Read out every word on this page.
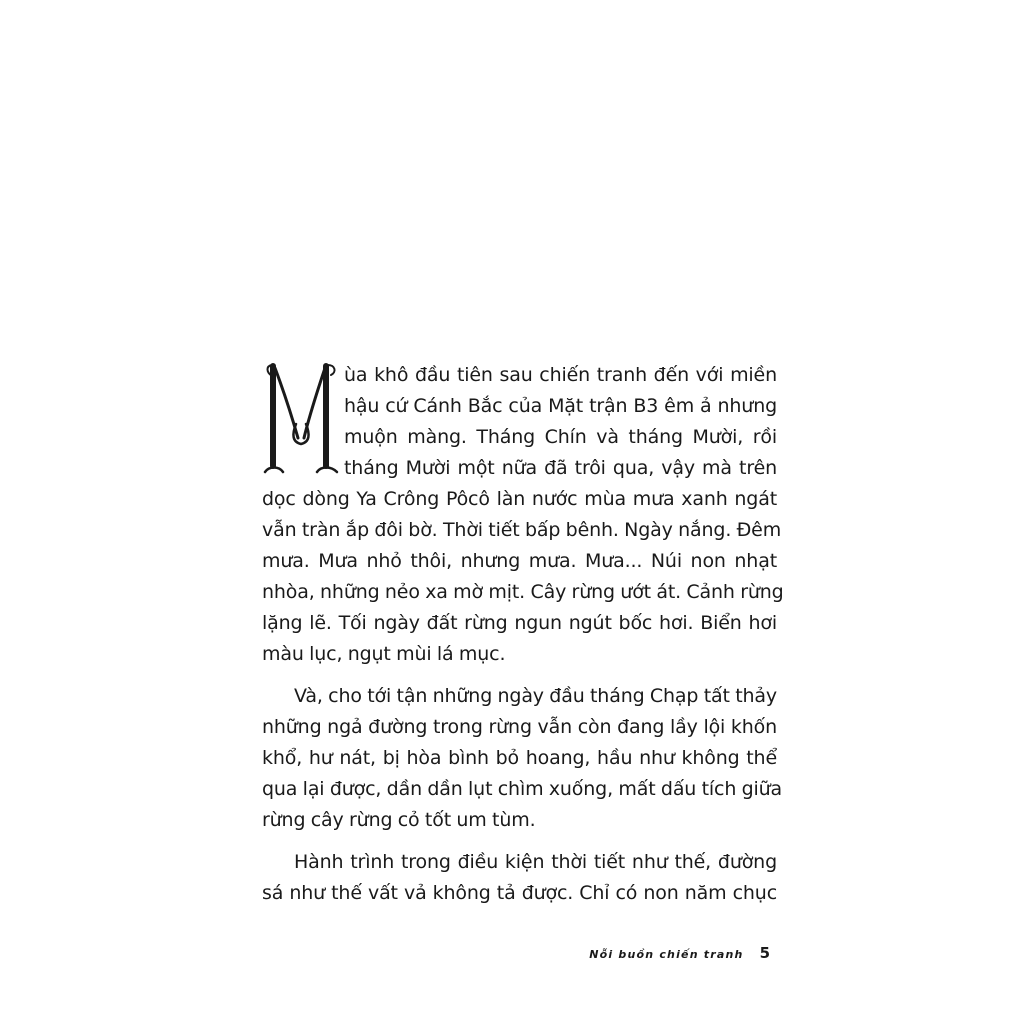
ùa khô đầu tiên sau chiến tranh đến với miền
hậu cứ Cánh Bắc của Mặt trận B3 êm ả nhưng
muộn màng. Tháng Chín và tháng Mười, rồi
tháng Mười một nữa đã trôi qua, vậy mà trên
dọc dòng Ya Crông Pôcô làn nước mùa mưa xanh ngát
vẫn tràn ắp đôi bờ. Thời tiết bấp bênh. Ngày nắng. Đêm
mưa. Mưa nhỏ thôi, nhưng mưa. Mưa... Núi non nhạt
nhòa, những nẻo xa mờ mịt. Cây rừng ướt át. Cảnh rừng
lặng lẽ. Tối ngày đất rừng ngun ngút bốc hơi. Biển hơi
màu lục, ngụt mùi lá mục.
Và, cho tới tận những ngày đầu tháng Chạp tất thảy
những ngả đường trong rừng vẫn còn đang lầy lội khốn
khổ, hư nát, bị hòa bình bỏ hoang, hầu như không thể
qua lại được, dần dần lụt chìm xuống, mất dấu tích giữa
rừng cây rừng cỏ tốt um tùm.
Hành trình trong điều kiện thời tiết như thế, đường
sá như thế vất vả không tả được. Chỉ có non năm chục
Nỗi buồn chiến tranh 5
